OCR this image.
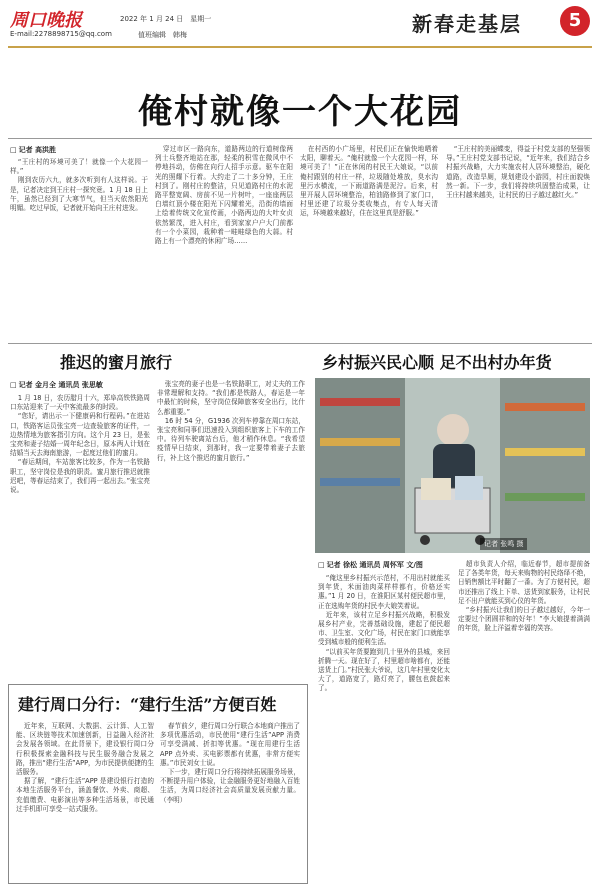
周口晚报
E-mail:2278898715@qq.com
2022 年 1 月 24 日　星期一
值班编辑　韩梅	新春走基层	5
俺村就像一个大花园
□ 记者 高洪胜

“王庄村的环境可美了！就像一个大花园一样。”

刚到农历六九，就多次听到有人这样说。于是，记者决定到王庄村一探究竟。1 月 18 日上午，虽然已经到了大寒节气，但当天依然阳光明媚。吃过早饭，记者就开始向王庄村进发。

穿过市区一路向东，道路两边的行道树像两列士兵整齐地站在那，轻柔的积雪在微风中不停地抖动，仿佛在向行人招手示意。驱车在阳光的照耀下行着。大约走了二十多分钟，王庄村到了。刚村庄的整洁，只见道路村庄的水泥路平整宽阔、房前不见一片树叶，一座座两层白墙红顶小楼在阳光下闪耀着光，沿街的墙面上绘着传统文化宣传画，小路两边的大叶女贞依然繁茂，进入村庄，看到家家户户大门前都有一个小菜园，栽种着一畦畦绿色的大蒜。村路上有一个漂亮的休闲广场……

在村西的小广场里，村民们正在愉快地晒着太阳，聊着天。“俺村就像一个大花园一样，环境可美了！”正在休闲的村民王大娘说，“以前俺村跟别的村庄一样，垃圾随处堆放，臭水沟里污水横流，一下雨道路满是泥泞。后来，村里开展人居环境整治，柏油路修到了家门口，村里还建了垃圾分类收集点，有专人每天清运，环境越来越好，住在这里真是舒服。”

“王庄村的美丽蝶变，得益于村党支部的坚强领导。”王庄村党支部书记说，“近年来，我们结合乡村振兴战略，大力实施农村人居环境整治，硬化道路，改造旱厕，规划建设小游园，村庄面貌焕然一新。下一步，我们将持续巩固整治成果，让王庄村越来越美，让村民的日子越过越红火。”

推迟的蜜月旅行
□ 记者 金月全 通讯员 张思敏

1 月 18 日，农历腊月十六，郑阜高铁铁路周口东站迎来了一天中客流最多的时段。

“您好，请出示一下健康码和行程码。”在进站口，铁路客运员张宝亮一边查验旅客的证件，一边热情地为旅客指引方向。这个月 23 日，是张宝亮和妻子结婚一周年纪念日，原本两人计划在结婚当天去海南旅游，一起度过他们的蜜月。

“春运期间，车站旅客比较多，作为一名铁路职工，坚守岗位是我的职责。蜜月旅行推迟就推迟吧，等春运结束了，我们再一起出去。”张宝亮说。

张宝亮的妻子也是一名铁路职工，对丈夫的工作非常理解和支持。“我们都是铁路人，春运是一年中最忙的时候，坚守岗位保障旅客安全出行，比什么都重要。”

16 时 54 分，G1936 次列车停靠在周口东站，张宝亮和同事们迅速投入到组织旅客上下车的工作中。待列车驶离站台后，他才稍作休息。“我希望疫情早日结束，到那时，我一定要带着妻子去旅行，补上这个推迟的蜜月旅行。”

乡村振兴民心顺 足不出村办年货
记者 张鸣 摄
□ 记者 徐松 通讯员 周怀军 文/图

“俺这里乡村振兴示范村，不用出村就能买到年货，米面油肉菜样样都有，价格还实惠。”1 月 20 日，在淮阳区某村便民超市里，正在选购年货的村民李大娘笑着说。

近年来，该村立足乡村振兴战略，积极发展乡村产业，完善基础设施，建起了便民超市、卫生室、文化广场，村民在家门口就能享受到城市般的便利生活。

“以前买年货要跑到几十里外的县城，来回折腾一天。现在好了，村里超市啥都有，还能送货上门。”村民张大爷说，这几年村里变化太大了，道路宽了，路灯亮了，腰包也鼓起来了。

超市负责人介绍，临近春节，超市提前备足了各类年货，每天来购物的村民络绎不绝，日销售额比平时翻了一番。为了方便村民，超市还推出了线上下单、送货到家服务，让村民足不出户就能买到心仪的年货。

“乡村振兴让我们的日子越过越好，今年一定要过个团圆祥和的好年！”李大娘提着满满的年货，脸上洋溢着幸福的笑容。

建行周口分行：“建行生活”方便百姓

近年来，互联网、大数据、云计算、人工智能、区块链等技术加速创新，日益融入经济社会发展各领域。在此背景下，建设银行周口分行积极探索金融科技与民生服务融合发展之路，推出“建行生活”APP，为市民提供便捷的生活服务。

据了解，“建行生活”APP 是建设银行打造的本地生活服务平台，涵盖餐饮、外卖、商超、充值缴费、电影演出等多种生活场景，市民通过手机即可享受一站式服务。

春节前夕，建行周口分行联合本地商户推出了多项优惠活动，市民使用“建行生活”APP 消费可享受满减、折扣等优惠。“现在用建行生活 APP 点外卖、买电影票都有优惠，非常方便实惠。”市民刘女士说。

下一步，建行周口分行将持续拓展服务场景，不断提升用户体验，让金融服务更好地融入百姓生活，为周口经济社会高质量发展贡献力量。（李明）
